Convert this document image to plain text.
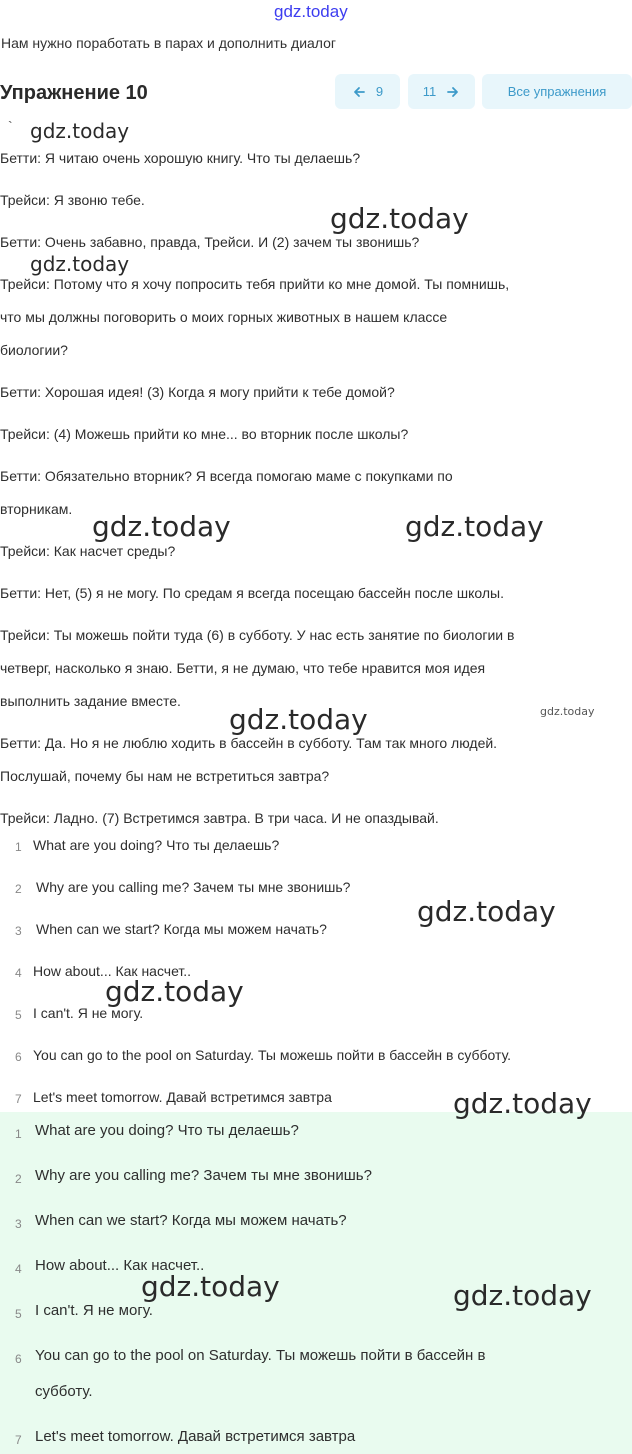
gdz.today
Нам нужно поработать в парах и дополнить диалог
Упражнение 10	9	11	Все упражнения
`
Бетти: Я читаю очень хорошую книгу. Что ты делаешь?
Трейси: Я звоню тебе.
Бетти: Очень забавно, правда, Трейси. И (2) зачем ты звонишь?
Трейси: Потому что я хочу попросить тебя прийти ко мне домой. Ты помнишь,
что мы должны поговорить о моих горных животных в нашем классе
биологии?
Бетти: Хорошая идея! (3) Когда я могу прийти к тебе домой?
Трейси: (4) Можешь прийти ко мне... во вторник после школы?
Бетти: Обязательно вторник? Я всегда помогаю маме с покупками по
вторникам.
Трейси: Как насчет среды?
Бетти: Нет, (5) я не могу. По средам я всегда посещаю бассейн после школы.
Трейси: Ты можешь пойти туда (6) в субботу. У нас есть занятие по биологии в
четверг, насколько я знаю. Бетти, я не думаю, что тебе нравится моя идея
выполнить задание вместе.
Бетти: Да. Но я не люблю ходить в бассейн в субботу. Там так много людей.
Послушай, почему бы нам не встретиться завтра?
Трейси: Ладно. (7) Встретимся завтра. В три часа. И не опаздывай.
1 What are you doing? Что ты делаешь?
2 Why are you calling me? Зачем ты мне звонишь?
3 When can we start? Когда мы можем начать?
4 How about... Как насчет..
5 I can't. Я не могу.
6 You can go to the pool on Saturday. Ты можешь пойти в бассейн в субботу.
7 Let's meet tomorrow. Давай встретимся завтра
1 What are you doing? Что ты делаешь?
2 Why are you calling me? Зачем ты мне звонишь?
3 When can we start? Когда мы можем начать?
4 How about... Как насчет..
5 I can't. Я не могу.
6 You can go to the pool on Saturday. Ты можешь пойти в бассейн в
субботу.
7 Let's meet tomorrow. Давай встретимся завтра
gdz.today
gdz.today
gdz.today
gdz.today	gdz.today
gdz.today	gdz.today
gdz.today
gdz.today
gdz.today
gdz.today	gdz.today
